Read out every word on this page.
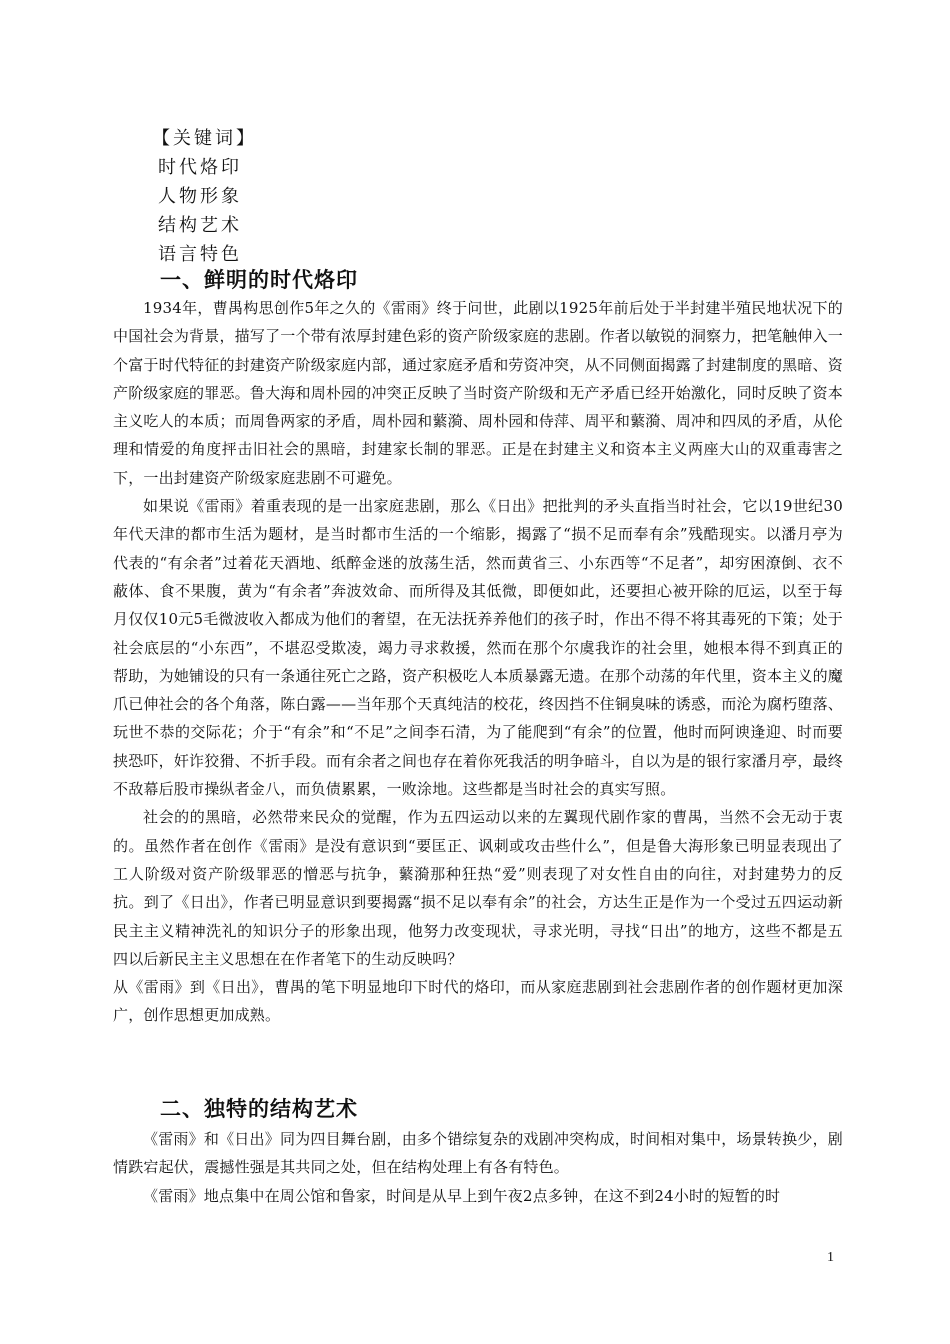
【关键词】

时代烙印

人物形象

结构艺术

语言特色

一、鲜明的时代烙印

1934年，曹禺构思创作5年之久的《雷雨》终于问世，此剧以1925年前后处于半封建半殖民地状况下的中国社会为背景，描写了一个带有浓厚封建色彩的资产阶级家庭的悲剧。作者以敏锐的洞察力，把笔触伸入一个富于时代特征的封建资产阶级家庭内部，通过家庭矛盾和劳资冲突，从不同侧面揭露了封建制度的黑暗、资产阶级家庭的罪恶。鲁大海和周朴园的冲突正反映了当时资产阶级和无产矛盾已经开始激化，同时反映了资本主义吃人的本质；而周鲁两家的矛盾，周朴园和蘩漪、周朴园和侍萍、周平和蘩漪、周冲和四凤的矛盾，从伦理和情爱的角度抨击旧社会的黑暗，封建家长制的罪恶。正是在封建主义和资本主义两座大山的双重毒害之下，一出封建资产阶级家庭悲剧不可避免。

如果说《雷雨》着重表现的是一出家庭悲剧，那么《日出》把批判的矛头直指当时社会，它以19世纪30年代天津的都市生活为题材，是当时都市生活的一个缩影，揭露了“损不足而奉有余”残酷现实。以潘月亭为代表的“有余者”过着花天酒地、纸醉金迷的放荡生活，然而黄省三、小东西等“不足者”，却穷困潦倒、衣不蔽体、食不果腹，黄为“有余者”奔波效命、而所得及其低微，即便如此，还要担心被开除的厄运，以至于每月仅仅10元5毛微波收入都成为他们的奢望，在无法抚养养他们的孩子时，作出不得不将其毒死的下策；处于社会底层的“小东西”，不堪忍受欺凌，竭力寻求救援，然而在那个尔虞我诈的社会里，她根本得不到真正的帮助，为她铺设的只有一条通往死亡之路，资产积极吃人本质暴露无遗。在那个动荡的年代里，资本主义的魔爪已伸社会的各个角落，陈白露——当年那个天真纯洁的校花，终因挡不住铜臭味的诱惑，而沦为腐朽堕落、玩世不恭的交际花；介于“有余”和“不足”之间李石清，为了能爬到“有余”的位置，他时而阿谀逢迎、时而要挟恐吓，奸诈狡猾、不折手段。而有余者之间也存在着你死我活的明争暗斗，自以为是的银行家潘月亭，最终不敌幕后股市操纵者金八，而负债累累，一败涂地。这些都是当时社会的真实写照。

社会的的黑暗，必然带来民众的觉醒，作为五四运动以来的左翼现代剧作家的曹禺，当然不会无动于衷的。虽然作者在创作《雷雨》是没有意识到“要匡正、讽刺或攻击些什么”，但是鲁大海形象已明显表现出了工人阶级对资产阶级罪恶的憎恶与抗争，蘩漪那种狂热“爱”则表现了对女性自由的向往，对封建势力的反抗。到了《日出》，作者已明显意识到要揭露“损不足以奉有余”的社会，方达生正是作为一个受过五四运动新民主主义精神洗礼的知识分子的形象出现，他努力改变现状，寻求光明，寻找“日出”的地方，这些不都是五四以后新民主主义思想在在作者笔下的生动反映吗？

从《雷雨》到《日出》，曹禺的笔下明显地印下时代的烙印，而从家庭悲剧到社会悲剧作者的创作题材更加深广，创作思想更加成熟。

二、独特的结构艺术

《雷雨》和《日出》同为四目舞台剧，由多个错综复杂的戏剧冲突构成，时间相对集中，场景转换少，剧情跌宕起伏，震撼性强是其共同之处，但在结构处理上有各有特色。

《雷雨》地点集中在周公馆和鲁家，时间是从早上到午夜2点多钟，在这不到24小时的短暂的时

1
